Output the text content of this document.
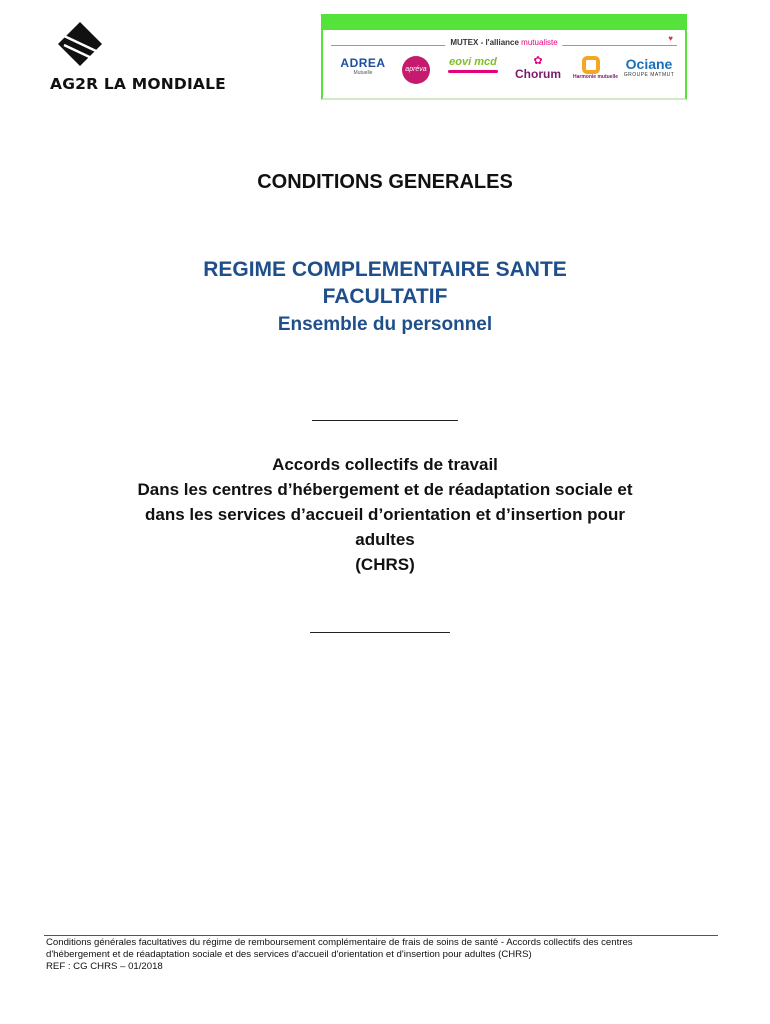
AG2R LA MONDIALE
MUTEX - l'alliance mutualiste	♥
ADREA
Mutuelle	apréva
eovi mcd	✿
Chorum	Harmonie mutuelle
Ociane
GROUPE MATMUT
CONDITIONS GENERALES
REGIME COMPLEMENTAIRE SANTE
FACULTATIF
Ensemble du personnel
Accords collectifs de travail
Dans les centres d’hébergement et de réadaptation sociale et
dans les services d’accueil d’orientation et d’insertion pour
adultes
(CHRS)
Conditions générales facultatives du régime de remboursement complémentaire de frais de soins de santé - Accords collectifs des centres
d'hébergement et de réadaptation sociale et des services d'accueil d'orientation et d'insertion pour adultes (CHRS)
REF : CG CHRS – 01/2018
